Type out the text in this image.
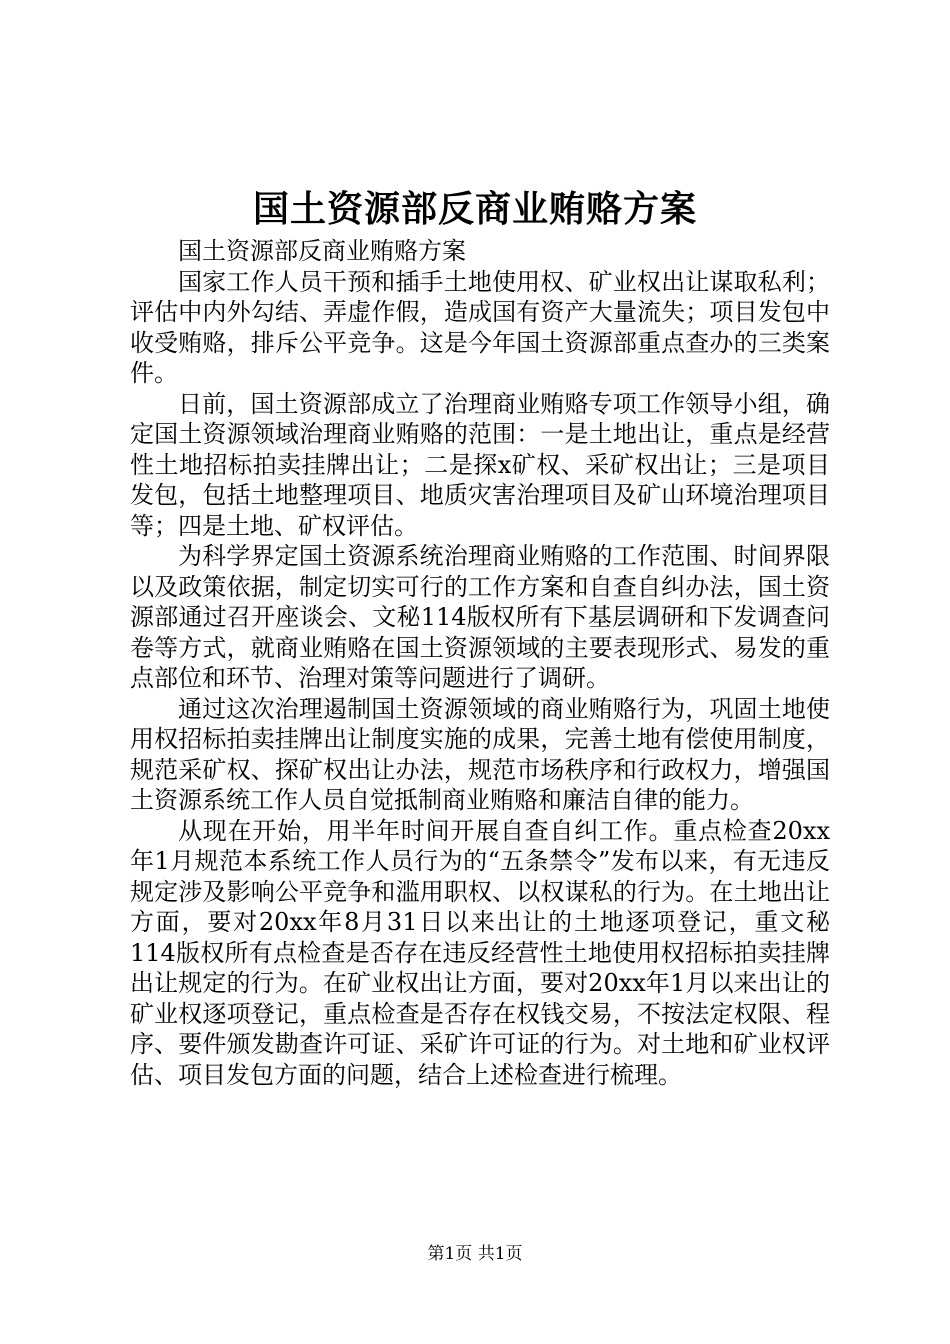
国土资源部反商业贿赂方案

国土资源部反商业贿赂方案

国家工作人员干预和插手土地使用权、矿业权出让谋取私利；评估中内外勾结、弄虚作假，造成国有资产大量流失；项目发包中收受贿赂，排斥公平竞争。这是今年国土资源部重点查办的三类案件。

日前，国土资源部成立了治理商业贿赂专项工作领导小组，确定国土资源领域治理商业贿赂的范围：一是土地出让，重点是经营性土地招标拍卖挂牌出让；二是探x矿权、采矿权出让；三是项目发包，包括土地整理项目、地质灾害治理项目及矿山环境治理项目等；四是土地、矿权评估。

为科学界定国土资源系统治理商业贿赂的工作范围、时间界限以及政策依据，制定切实可行的工作方案和自查自纠办法，国土资源部通过召开座谈会、文秘114版权所有下基层调研和下发调查问卷等方式，就商业贿赂在国土资源领域的主要表现形式、易发的重点部位和环节、治理对策等问题进行了调研。

通过这次治理遏制国土资源领域的商业贿赂行为，巩固土地使用权招标拍卖挂牌出让制度实施的成果，完善土地有偿使用制度，规范采矿权、探矿权出让办法，规范市场秩序和行政权力，增强国土资源系统工作人员自觉抵制商业贿赂和廉洁自律的能力。

从现在开始，用半年时间开展自查自纠工作。重点检查20xx年1月规范本系统工作人员行为的“五条禁令”发布以来，有无违反规定涉及影响公平竞争和滥用职权、以权谋私的行为。在土地出让方面，要对20xx年8月31日以来出让的土地逐项登记，重文秘114版权所有点检查是否存在违反经营性土地使用权招标拍卖挂牌出让规定的行为。在矿业权出让方面，要对20xx年1月以来出让的矿业权逐项登记，重点检查是否存在权钱交易，不按法定权限、程序、要件颁发勘查许可证、采矿许可证的行为。对土地和矿业权评估、项目发包方面的问题，结合上述检查进行梳理。

第1页 共1页
